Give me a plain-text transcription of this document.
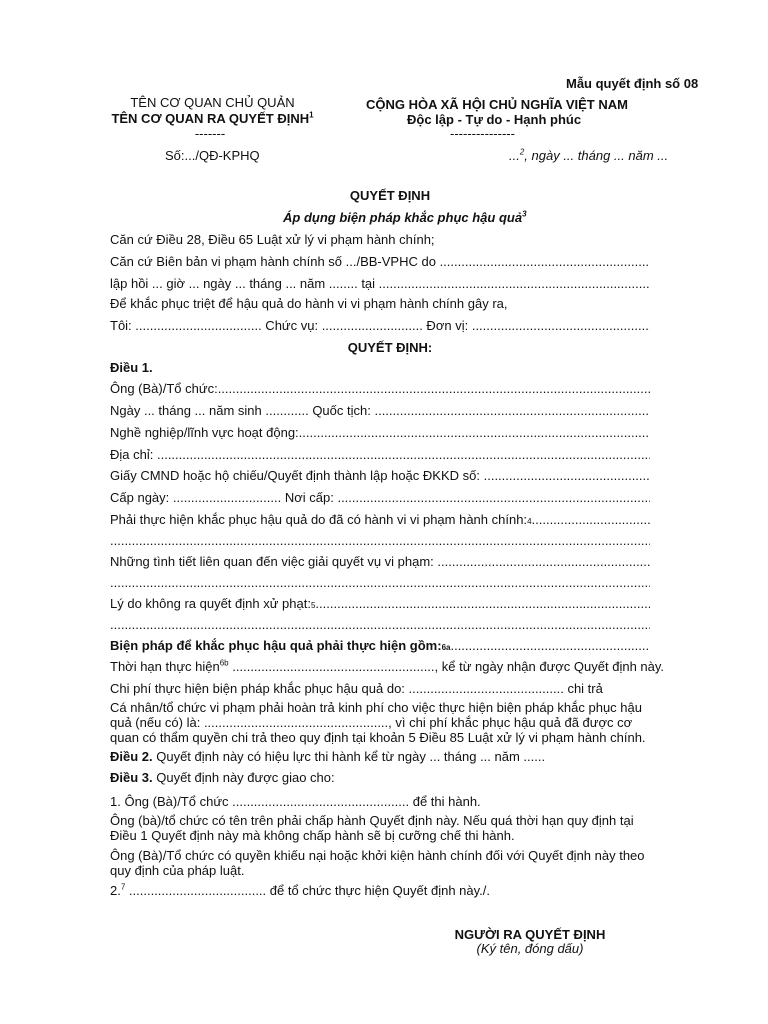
Mẫu quyết định số 08
TÊN CƠ QUAN CHỦ QUẢN
TÊN CƠ QUAN RA QUYẾT ĐỊNH$^1$
-------
Số:.../QĐ-KPHQ
CỘNG HÒA XÃ HỘI CHỦ NGHĨA VIỆT NAM
Độc lập - Tự do - Hạnh phúc
---------------
...$^2$, ngày ... tháng ... năm ...
QUYẾT ĐỊNH
Áp dụng biện pháp khắc phục hậu quả$^3$
Căn cứ Điều 28, Điều 65 Luật xử lý vi phạm hành chính;
Căn cứ Biên bản vi phạm hành chính số .../BB-VPHC do

.....
lập hồi ... giờ ... ngày ... tháng ... năm ........ tại

.....
Để khắc phục triệt để hậu quả do hành vi vi phạm hành chính gây ra,
Tôi: ................................... Chức vụ: ............................ Đơn vị:

.....
QUYẾT ĐỊNH:
Điều 1.
Ông (Bà)/Tổ chức:
.....
Ngày ... tháng ... năm sinh ............ Quốc tịch:

.....
Nghề nghiệp/lĩnh vực hoạt động:
.....
Địa chỉ:

.....
Giấy CMND hoặc hộ chiếu/Quyết định thành lập hoặc ĐKKD số:

.....
Cấp ngày: .............................. Nơi cấp:

.....
Phải thực hiện khắc phục hậu quả do đã có hành vi vi phạm hành chính: 4
.....
.....
Những tình tiết liên quan đến việc giải quyết vụ vi phạm:

.....
.....
Lý do không ra quyết định xử phạt: 5
.....
.....
Biện pháp để khắc phục hậu quả phải thực hiện gồm: 6a
.....
Thời hạn thực hiện$^{6b}$ ........................................................, kể từ ngày nhận được Quyết định này.
Chi phí thực hiện biện pháp khắc phục hậu quả do: ........................................... chi trả
Cá nhân/tổ chức vi phạm phải hoàn trả kinh phí cho việc thực hiện biện pháp khắc phục hậu quả (nếu có) là: ..................................................., vì chi phí khắc phục hậu quả đã được cơ quan có thẩm quyền chi trả theo quy định tại khoản 5 Điều 85 Luật xử lý vi phạm hành chính.
Điều 2. Quyết định này có hiệu lực thi hành kể từ ngày ... tháng ... năm ......
Điều 3. Quyết định này được giao cho:
1. Ông (Bà)/Tổ chức ................................................. để thi hành.
Ông (bà)/tổ chức có tên trên phải chấp hành Quyết định này. Nếu quá thời hạn quy định tại Điều 1 Quyết định này mà không chấp hành sẽ bị cưỡng chế thi hành.
Ông (Bà)/Tổ chức có quyền khiếu nại hoặc khởi kiện hành chính đối với Quyết định này theo quy định của pháp luật.
2.$^7$ ...................................... để tổ chức thực hiện Quyết định này./.
NGƯỜI RA QUYẾT ĐỊNH
(Ký tên, đóng dấu)
